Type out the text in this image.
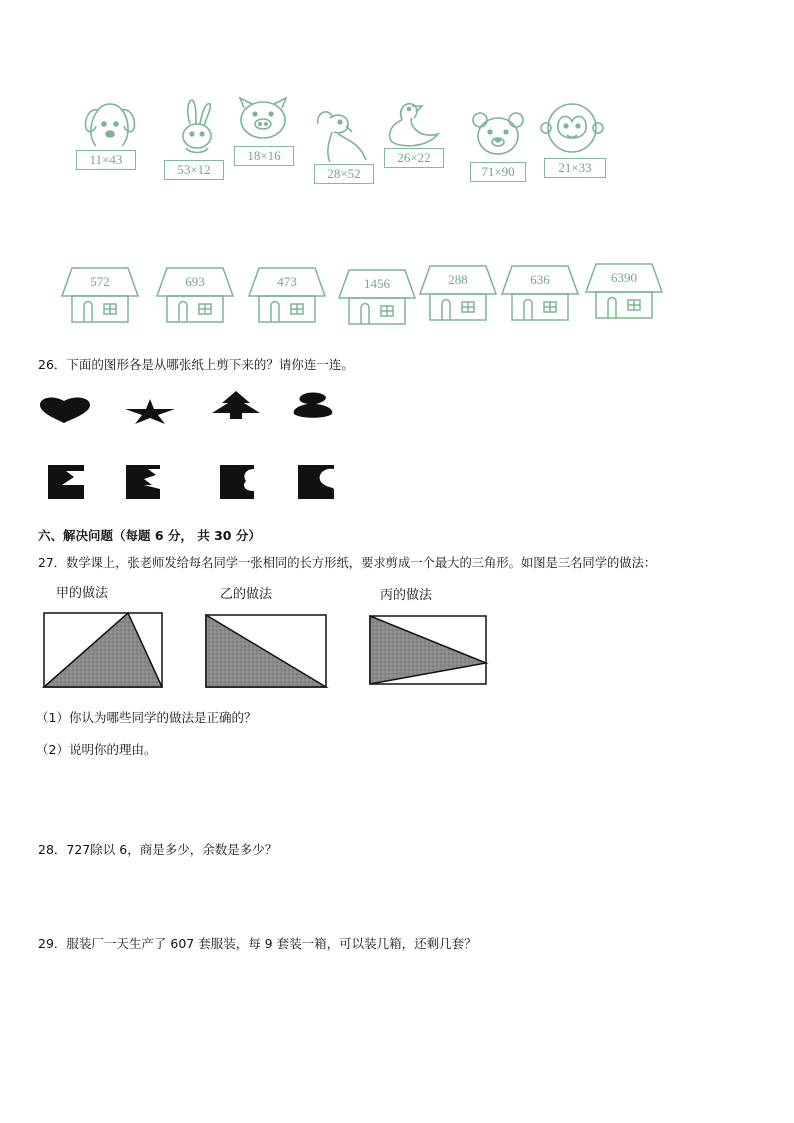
11×43
53×12
18×16
28×52
26×22
71×90	21×33
572	693	473	1456	288	636	6390
26．下面的图形各是从哪张纸上剪下来的？请你连一连。
六、解决问题（每题 6 分， 共 30 分）
27．数学课上，张老师发给每名同学一张相同的长方形纸，要求剪成一个最大的三角形。如图是三名同学的做法：
甲的做法	乙的做法	丙的做法
（1）你认为哪些同学的做法是正确的？
（2）说明你的理由。
28．727除以 6，商是多少，余数是多少？
29．服装厂一天生产了 607 套服装，每 9 套装一箱，可以装几箱，还剩几套？
